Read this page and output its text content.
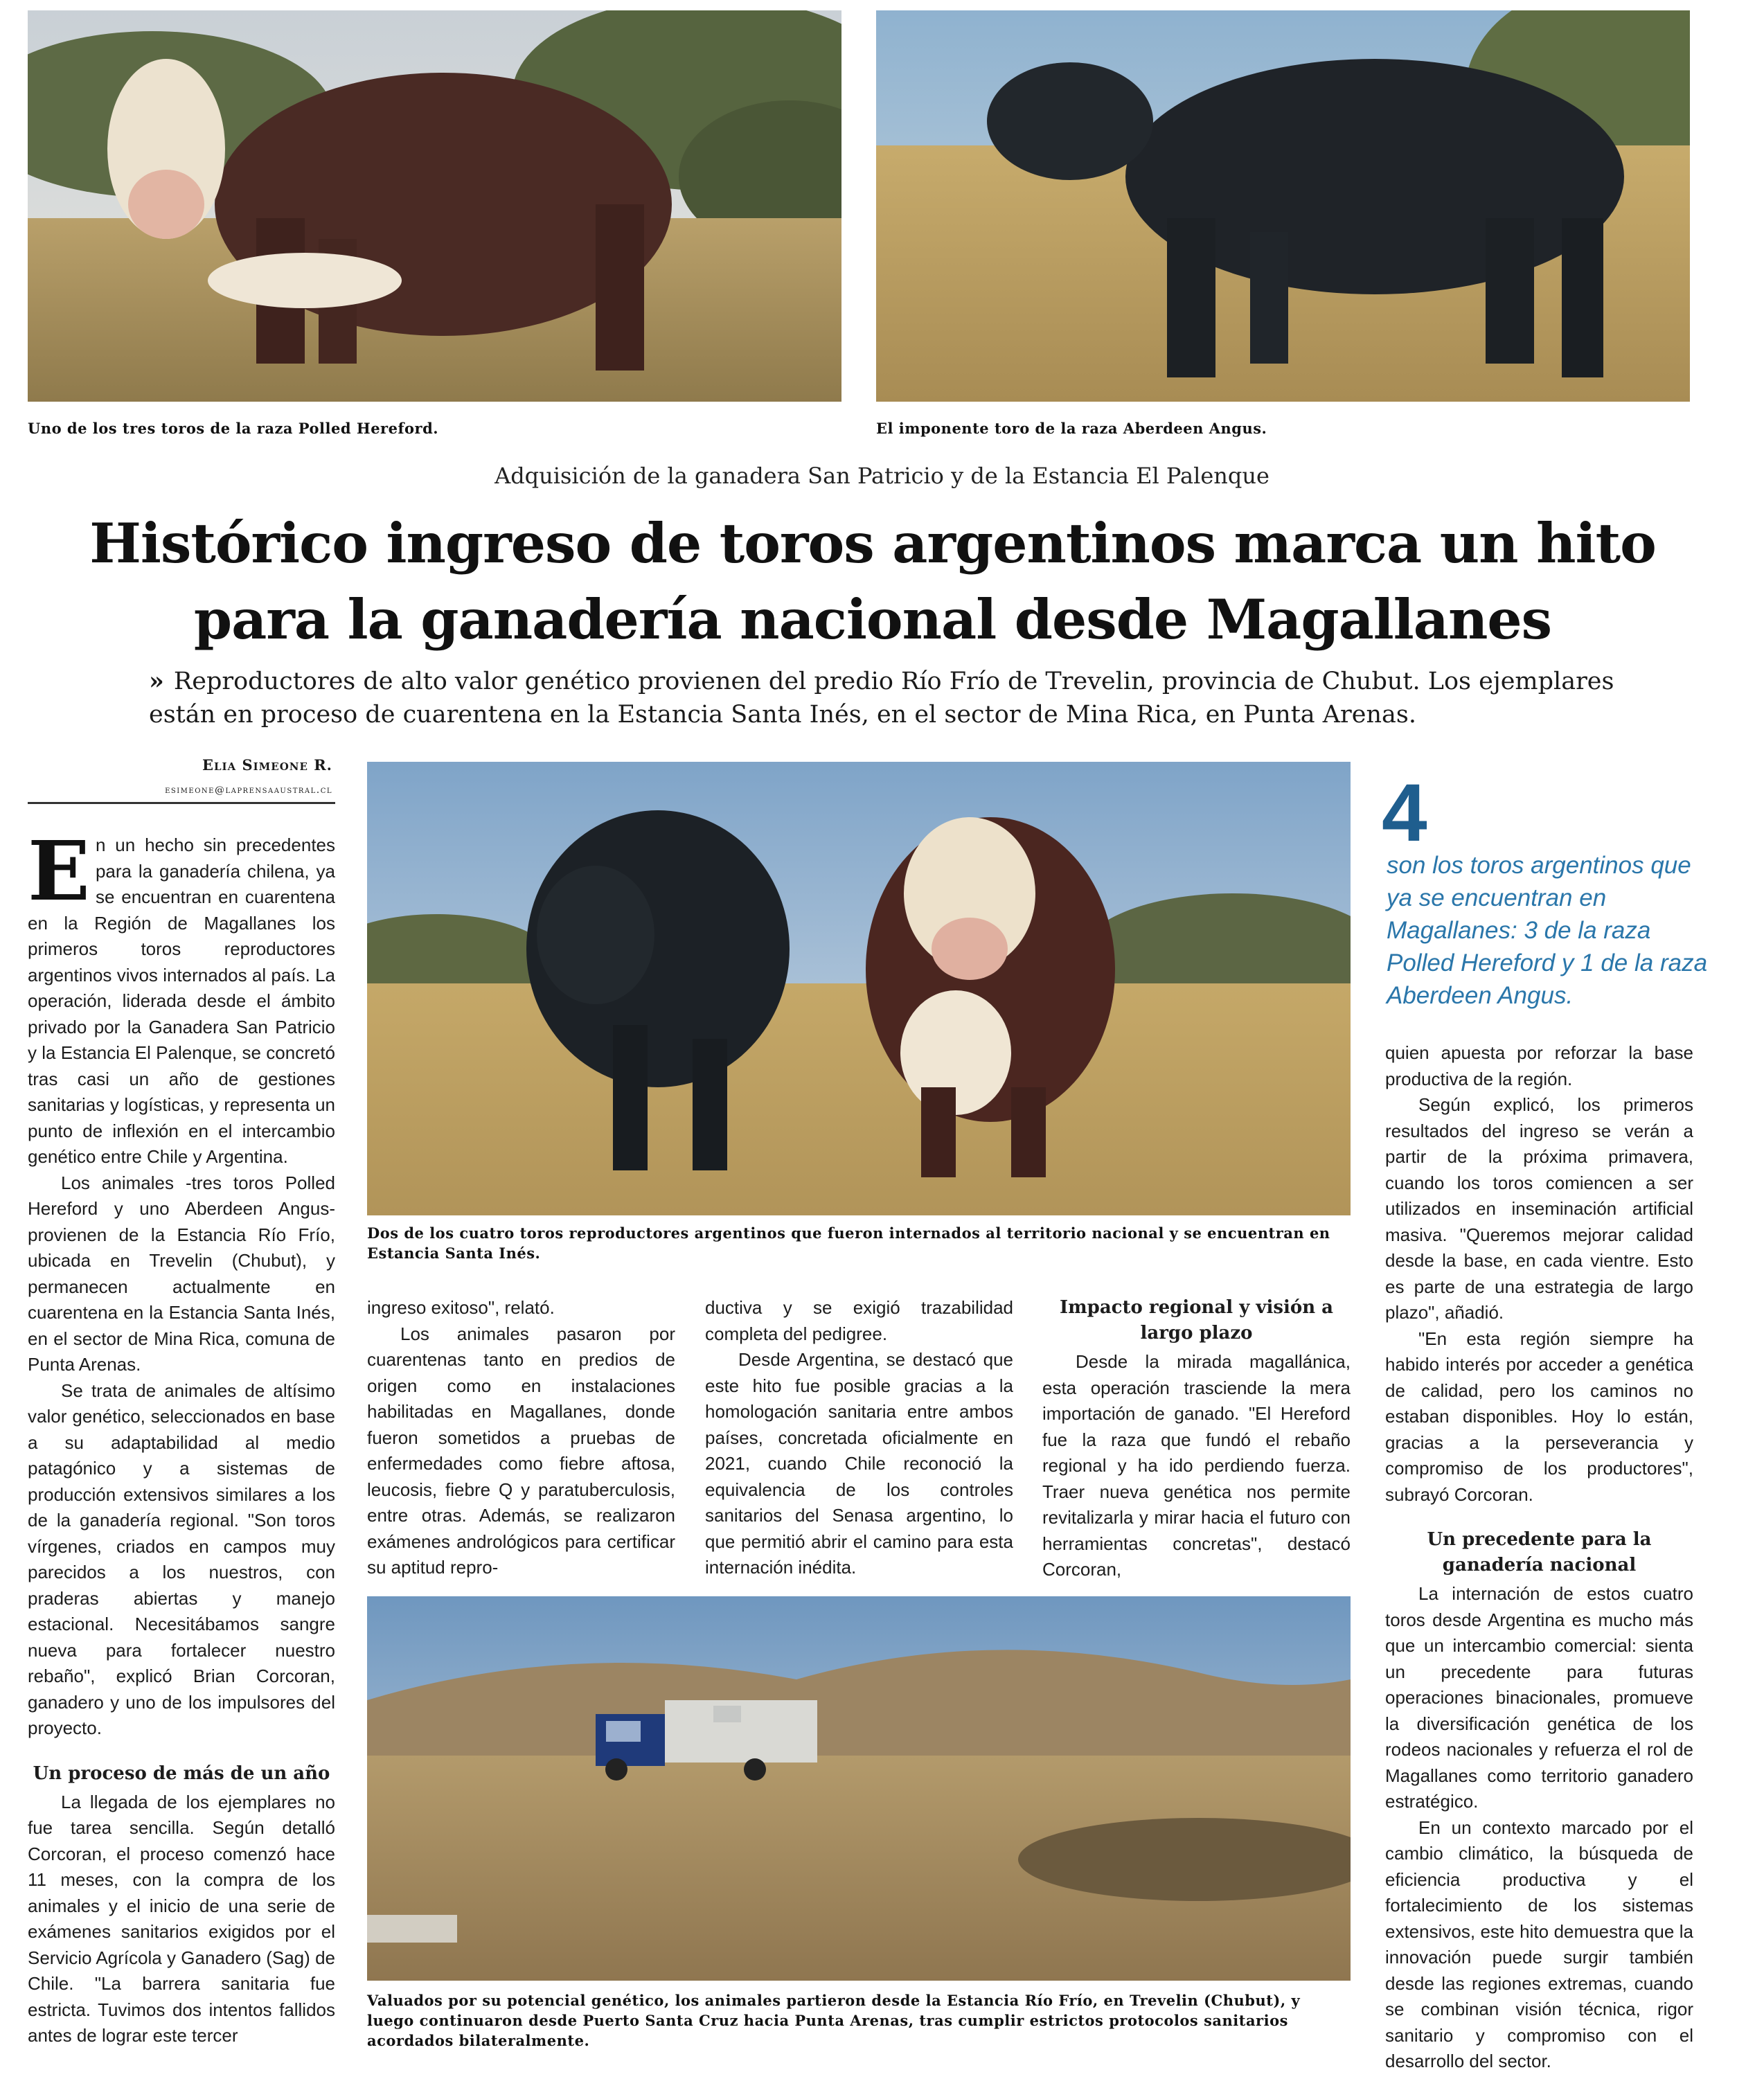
Uno de los tres toros de la raza Polled Hereford.	El imponente toro de la raza Aberdeen Angus.
Adquisición de la ganadera San Patricio y de la Estancia El Palenque
Histórico ingreso de toros argentinos marca un hito
para la ganadería nacional desde Magallanes
» Reproductores de alto valor genético provienen del predio Río Frío de Trevelin, provincia de Chubut. Los ejemplares están en proceso de cuarentena en la Estancia Santa Inés, en el sector de Mina Rica, en Punta Arenas.
Elia Simeone R.
esimeone@laprensaaustral.cl
Dos de los cuatro toros reproductores argentinos que fueron internados al territorio nacional y se encuentran en Estancia Santa Inés.
Valuados por su potencial genético, los animales partieron desde la Estancia Río Frío, en Trevelin (Chubut), y luego continuaron desde Puerto Santa Cruz hacia Punta Arenas, tras cumplir estrictos protocolos sanitarios acordados bilateralmente.
4
son los toros argentinos que ya se encuentran en Magallanes: 3 de la raza Polled Hereford y 1 de la raza Aberdeen Angus.

En un hecho sin precedentes para la ganadería chilena, ya se encuentran en cuarentena en la Región de Magallanes los primeros toros reproductores argentinos vivos internados al país. La operación, liderada desde el ámbito privado por la Ganadera San Patricio y la Estancia El Palenque, se concretó tras casi un año de gestiones sanitarias y logísticas, y representa un punto de inflexión en el intercambio genético entre Chile y Argentina.

Los animales -tres toros Polled Hereford y uno Aberdeen Angus- provienen de la Estancia Río Frío, ubicada en Trevelin (Chubut), y permanecen actualmente en cuarentena en la Estancia Santa Inés, en el sector de Mina Rica, comuna de Punta Arenas.

Se trata de animales de altísimo valor genético, seleccionados en base a su adaptabilidad al medio patagónico y a sistemas de producción extensivos similares a los de la ganadería regional. "Son toros vírgenes, criados en campos muy parecidos a los nuestros, con praderas abiertas y manejo estacional. Necesitábamos sangre nueva para fortalecer nuestro rebaño", explicó Brian Corcoran, ganadero y uno de los impulsores del proyecto.

Un proceso de más de un año

La llegada de los ejemplares no fue tarea sencilla. Según detalló Corcoran, el proceso comenzó hace 11 meses, con la compra de los animales y el inicio de una serie de exámenes sanitarios exigidos por el Servicio Agrícola y Ganadero (Sag) de Chile. "La barrera sanitaria fue estricta. Tuvimos dos intentos fallidos antes de lograr este tercer

ingreso exitoso", relató.

Los animales pasaron por cuarentenas tanto en predios de origen como en instalaciones habilitadas en Magallanes, donde fueron sometidos a pruebas de enfermedades como fiebre aftosa, leucosis, fiebre Q y paratuberculosis, entre otras. Además, se realizaron exámenes andrológicos para certificar su aptitud repro-

ductiva y se exigió trazabilidad completa del pedigree.

Desde Argentina, se destacó que este hito fue posible gracias a la homologación sanitaria entre ambos países, concretada oficialmente en 2021, cuando Chile reconoció la equivalencia de los controles sanitarios del Senasa argentino, lo que permitió abrir el camino para esta internación inédita.

Impacto regional y visión a largo plazo

Desde la mirada magallánica, esta operación trasciende la mera importación de ganado. "El Hereford fue la raza que fundó el rebaño regional y ha ido perdiendo fuerza. Traer nueva genética nos permite revitalizarla y mirar hacia el futuro con herramientas concretas", destacó Corcoran,

quien apuesta por reforzar la base productiva de la región.

Según explicó, los primeros resultados del ingreso se verán a partir de la próxima primavera, cuando los toros comiencen a ser utilizados en inseminación artificial masiva. "Queremos mejorar calidad desde la base, en cada vientre. Esto es parte de una estrategia de largo plazo", añadió.

"En esta región siempre ha habido interés por acceder a genética de calidad, pero los caminos no estaban disponibles. Hoy lo están, gracias a la perseverancia y compromiso de los productores", subrayó Corcoran.

Un precedente para la ganadería nacional

La internación de estos cuatro toros desde Argentina es mucho más que un intercambio comercial: sienta un precedente para futuras operaciones binacionales, promueve la diversificación genética de los rodeos nacionales y refuerza el rol de Magallanes como territorio ganadero estratégico.

En un contexto marcado por el cambio climático, la búsqueda de eficiencia productiva y el fortalecimiento de los sistemas extensivos, este hito demuestra que la innovación puede surgir también desde las regiones extremas, cuando se combinan visión técnica, rigor sanitario y compromiso con el desarrollo del sector.
